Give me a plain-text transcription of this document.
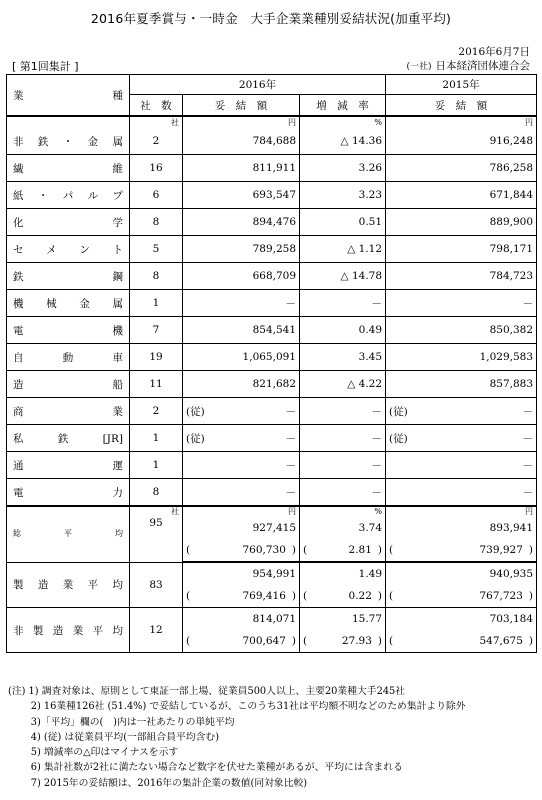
2016年夏季賞与・一時金　大手企業業種別妥結状況(加重平均)
2016年6月7日
[ 第1回集計 ]	(一社) 日本経済団体連合会
業　　　　　種	2016年			2015年
	社　数	妥　結　額	増　減　率	妥　結　額
	社	円	%	円
非鉄・金属	2	784,688	△ 14.36	916,248
繊維	16	811,911	3.26	786,258
紙・パルプ	6	693,547	3.23	671,844
化学	8	894,476	0.51	889,900
セメント	5	789,258	△ 1.12	798,171
鉄鋼	8	668,709	△ 14.78	784,723
機械金属	1	－	－	－
電機	7	854,541	0.49	850,382
自動車	19	1,065,091	3.45	1,029,583
造船	11	821,682	△ 4.22	857,883
商業	2	(従) －	－	(従) －

私鉄[JR]	1	(従) －	－	(従) －

通運	1	－	－	－
電力	8	－	－	－
総平均	社	円	%	円
	95	927,415	3.74	893,941

		( 760,730 )	( 2.81 )	( 739,927 )

製造業平均	83	954,991	1.49	940,935

		( 769,416 )	( 0.22 )	( 767,723 )

非製造業平均	12	814,071	15.77	703,184

		( 700,647 )	( 27.93 )	( 547,675 )
(注) 1) 調査対象は、原則として東証一部上場、従業員500人以上、主要20業種大手245社
　　 2) 16業種126社 (51.4%) で妥結しているが、このうち31社は平均額不明などのため集計より除外
　　 3)「平均」欄の(　)内は一社あたりの単純平均
　　 4) (従) は従業員平均(一部組合員平均含む)
　　 5) 増減率の△印はマイナスを示す
　　 6) 集計社数が2社に満たない場合など数字を伏せた業種があるが、平均には含まれる
　　 7) 2015年の妥結額は、2016年の集計企業の数値(同対象比較)
